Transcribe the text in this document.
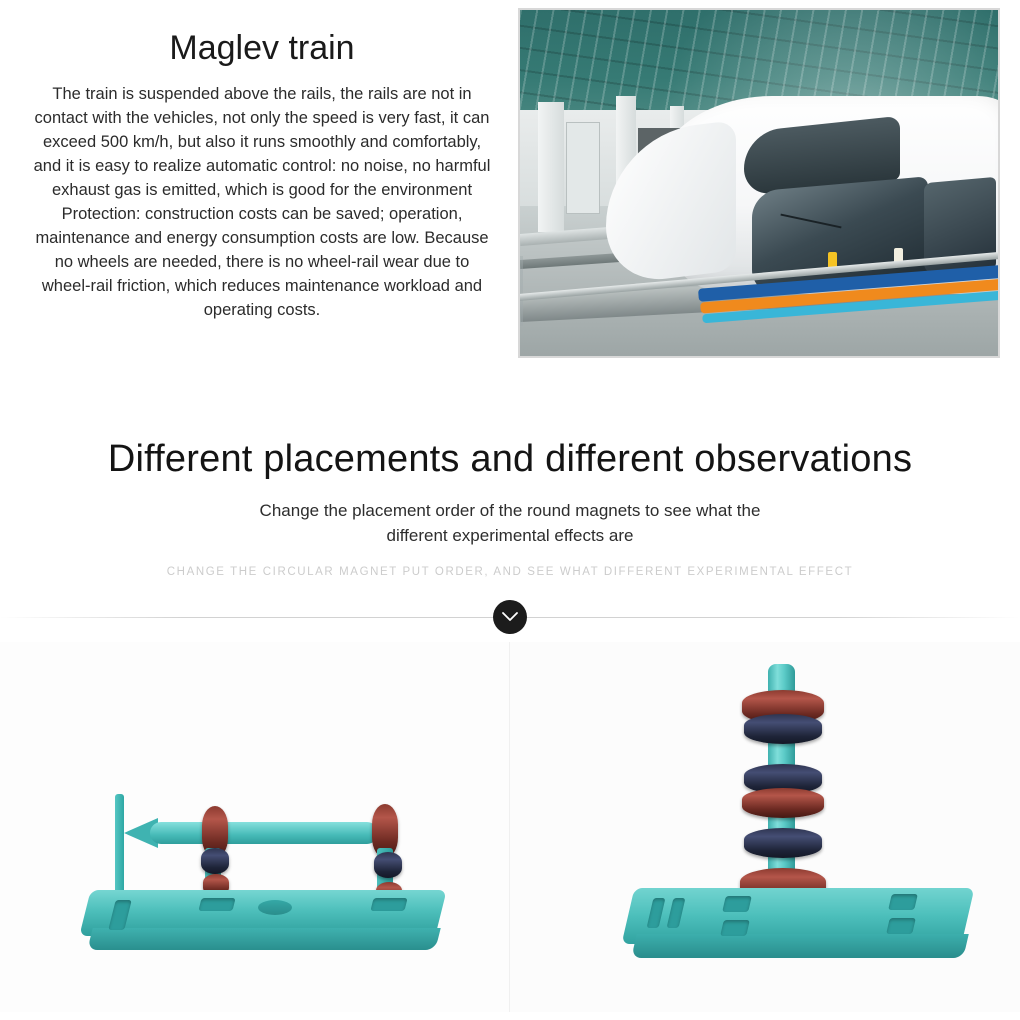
Maglev train

The train is suspended above the rails, the rails are not in contact with the vehicles, not only the speed is very fast, it can exceed 500 km/h, but also it runs smoothly and comfortably, and it is easy to realize automatic control: no noise, no harmful exhaust gas is emitted, which is good for the environment Protection: construction costs can be saved; operation, maintenance and energy consumption costs are low. Because no wheels are needed, there is no wheel-rail wear due to wheel-rail friction, which reduces maintenance workload and operating costs.

Different placements and different observations

Change the placement order of the round magnets to see what the different experimental effects are

CHANGE THE CIRCULAR MAGNET PUT ORDER, AND SEE WHAT DIFFERENT EXPERIMENTAL EFFECT
